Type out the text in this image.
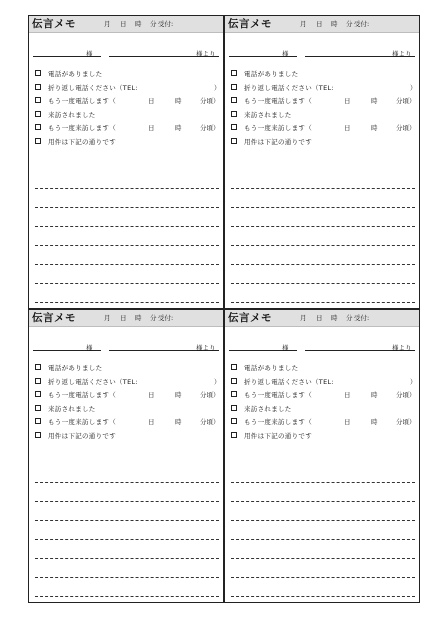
伝言メモ	月 日 時 分 受付:
様	様より
電話がありました
折り返し電話ください（TEL:	）
もう一度電話します（	日	時	分頃）
来訪されました
もう一度来訪します（	日	時	分頃）
用件は下記の通りです
伝言メモ	月 日 時 分 受付:
様	様より
電話がありました
折り返し電話ください（TEL:	）
もう一度電話します（	日	時	分頃）
来訪されました
もう一度来訪します（	日	時	分頃）
用件は下記の通りです
伝言メモ	月 日 時 分 受付:
様	様より
電話がありました
折り返し電話ください（TEL:	）
もう一度電話します（	日	時	分頃）
来訪されました
もう一度来訪します（	日	時	分頃）
用件は下記の通りです
伝言メモ	月 日 時 分 受付:
様	様より
電話がありました
折り返し電話ください（TEL:	）
もう一度電話します（	日	時	分頃）
来訪されました
もう一度来訪します（	日	時	分頃）
用件は下記の通りです
